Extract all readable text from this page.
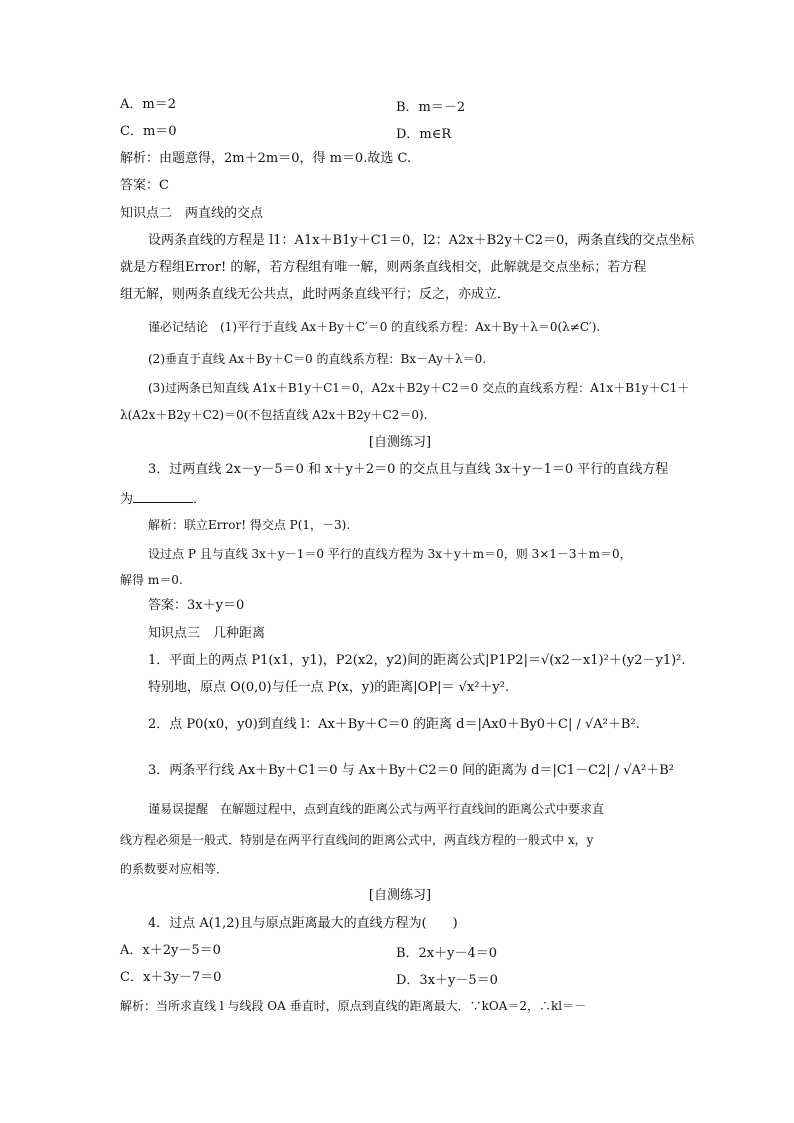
A．m＝2	B．m＝－2
C．m＝0	D．m∈R
解析：由题意得，2m＋2m＝0，得 m＝0.故选 C.
答案：C
知识点二　两直线的交点
设两条直线的方程是 l1：A1x＋B1y＋C1＝0，l2：A2x＋B2y＋C2＝0，两条直线的交点坐标
就是方程组Error! 的解，若方程组有唯一解，则两条直线相交，此解就是交点坐标；若方程
组无解，则两条直线无公共点，此时两条直线平行；反之，亦成立．
谨必记结论　(1)平行于直线 Ax＋By＋C′＝0 的直线系方程：Ax＋By＋λ＝0(λ≠C′).
(2)垂直于直线 Ax＋By＋C＝0 的直线系方程：Bx－Ay＋λ＝0.
(3)过两条已知直线 A1x＋B1y＋C1＝0，A2x＋B2y＋C2＝0 交点的直线系方程：A1x＋B1y＋C1＋
λ(A2x＋B2y＋C2)＝0(不包括直线 A2x＋B2y＋C2＝0).
[自测练习]
3．过两直线 2x－y－5＝0 和 x＋y＋2＝0 的交点且与直线 3x＋y－1＝0 平行的直线方程
为	．
解析：联立Error! 得交点 P(1，－3).
设过点 P 且与直线 3x＋y－1＝0 平行的直线方程为 3x＋y＋m＝0，则 3×1－3＋m＝0，
解得 m＝0.
答案：3x＋y＝0
知识点三　几种距离
1．平面上的两点 P1(x1，y1)，P2(x2，y2)间的距离公式|P1P2|＝√(x2－x1)²＋(y2－y1)².
特别地，原点 O(0,0)与任一点 P(x，y)的距离|OP|＝ √x²＋y².
2．点 P0(x0，y0)到直线 l：Ax＋By＋C＝0 的距离 d＝|Ax0＋By0＋C| / √A²＋B².
3．两条平行线 Ax＋By＋C1＝0 与 Ax＋By＋C2＝0 间的距离为 d＝|C1－C2| / √A²＋B²
谨易误提醒　在解题过程中，点到直线的距离公式与两平行直线间的距离公式中要求直
线方程必须是一般式．特别是在两平行直线间的距离公式中，两直线方程的一般式中 x，y
的系数要对应相等．
[自测练习]
4．过点 A(1,2)且与原点距离最大的直线方程为(　　)
A．x＋2y－5＝0	B．2x＋y－4＝0
C．x＋3y－7＝0	D．3x＋y－5＝0
解析：当所求直线 l 与线段 OA 垂直时，原点到直线的距离最大．∵kOA＝2，∴kl＝－
